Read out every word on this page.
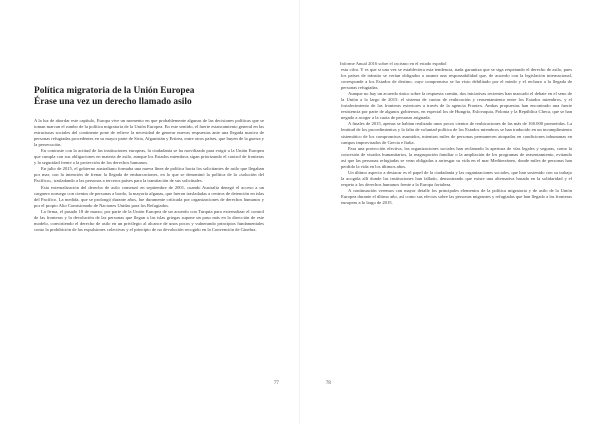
Informe Anual 2016 sobre el racismo en el estado español
Política migratoria de la Unión Europea
Érase una vez un derecho llamado asilo

A la luz de abordar este capítulo, Europa vive un momento en que probablemente algunas de las decisiones políticas que se toman marcan el rumbo de la política migratoria de la Unión Europea. En este sentido, el fuerte estancamiento general en las estructuras sociales del continente pone de relieve la necesidad de generar nuevas respuestas ante una llegada masiva de personas refugiadas procedentes en su mayor parte de Siria, Afganistán y Eritrea, entre otros países, que huyen de la guerra y la persecución.

En contraste con la actitud de las instituciones europeas, la ciudadanía se ha movilizado para exigir a la Unión Europea que cumpla con sus obligaciones en materia de asilo, aunque los Estados miembros sigan priorizando el control de fronteras y la seguridad frente a la protección de los derechos humanos.

En julio de 2015, el gobierno australiano formaba una nueva línea de política hacia los solicitantes de asilo que llegaban por mar, con la intención de frenar la llegada de embarcaciones, en lo que se denominó la política de la «solución del Pacífico», trasladando a las personas a terceros países para la tramitación de sus solicitudes.

Esta externalización del derecho de asilo comenzó en septiembre de 2001, cuando Australia denegó el acceso a un carguero noruego con cientos de personas a bordo, la mayoría afganas, que fueron trasladadas a centros de detención en islas del Pacífico. La medida, que se prolongó durante años, fue duramente criticada por organizaciones de derechos humanos y por el propio Alto Comisionado de Naciones Unidas para los Refugiados.

La firma, el pasado 18 de marzo, por parte de la Unión Europea de un acuerdo con Turquía para externalizar el control de las fronteras y la devolución de las personas que llegan a las islas griegas supone un paso más en la dirección de este modelo, convirtiendo el derecho de asilo en un privilegio al alcance de unos pocos y vulnerando principios fundamentales como la prohibición de las expulsiones colectivas y el principio de no devolución recogido en la Convención de Ginebra.

esta cifra. Y es que si una vez se estableciera esta tendencia, nada garantiza que se siga respetando el derecho de asilo, pues los países de tránsito se verían obligados a asumir una responsabilidad que, de acuerdo con la legislación internacional, corresponde a los Estados de destino, cuyo compromiso se ha visto debilitado por el miedo y el rechazo a la llegada de personas refugiadas.

Aunque no hay un acuerdo único sobre la respuesta común, dos iniciativas recientes han marcado el debate en el seno de la Unión a lo largo de 2015: el sistema de cuotas de reubicación y reasentamiento entre los Estados miembros, y el fortalecimiento de las fronteras exteriores a través de la agencia Frontex. Ambas propuestas han encontrado una fuerte resistencia por parte de algunos gobiernos, en especial los de Hungría, Eslovaquia, Polonia y la República Checa, que se han negado a acoger a la cuota de personas asignada.

A finales de 2015, apenas se habían realizado unos pocos cientos de reubicaciones de las más de 160.000 prometidas. La lentitud de los procedimientos y la falta de voluntad política de los Estados miembros se han traducido en un incumplimiento sistemático de los compromisos asumidos, mientras miles de personas permanecen atrapadas en condiciones inhumanas en campos improvisados de Grecia e Italia.

Para una protección efectiva, las organizaciones sociales han reclamado la apertura de vías legales y seguras, como la concesión de visados humanitarios, la reagrupación familiar o la ampliación de los programas de reasentamiento, evitando así que las personas refugiadas se vean obligadas a arriesgar su vida en el mar Mediterráneo, donde miles de personas han perdido la vida en los últimos años.

Un último aspecto a destacar es el papel de la ciudadanía y las organizaciones sociales, que han sostenido con su trabajo la acogida allí donde las instituciones han fallado, demostrando que existe una alternativa basada en la solidaridad y el respeto a los derechos humanos frente a la Europa fortaleza.

A continuación veremos con mayor detalle los principales elementos de la política migratoria y de asilo de la Unión Europea durante el último año, así como sus efectos sobre las personas migrantes y refugiadas que han llegado a las fronteras europeas a lo largo de 2015.

77	78
